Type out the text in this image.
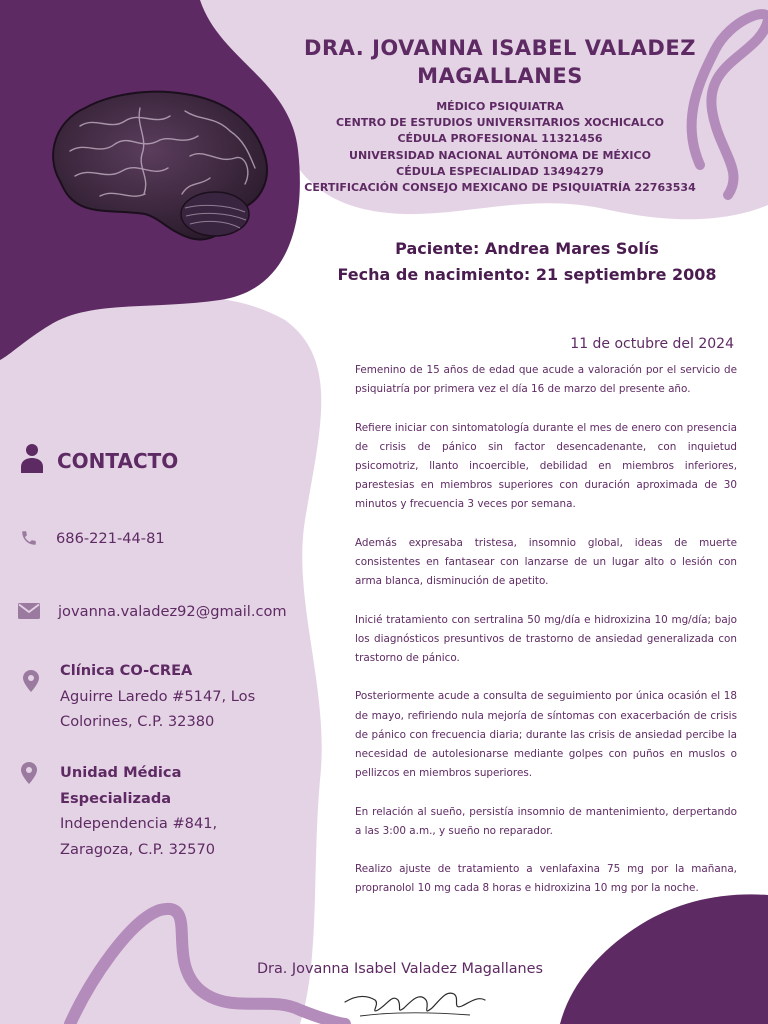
DRA. JOVANNA ISABEL VALADEZ
MAGALLANES
MÉDICO PSIQUIATRA
CENTRO DE ESTUDIOS UNIVERSITARIOS XOCHICALCO
CÉDULA PROFESIONAL 11321456
UNIVERSIDAD NACIONAL AUTÓNOMA DE MÉXICO
CÉDULA ESPECIALIDAD 13494279
CERTIFICACIÓN CONSEJO MEXICANO DE PSIQUIATRÍA 22763534
Paciente: Andrea Mares Solís
Fecha de nacimiento: 21 septiembre 2008
11 de octubre del 2024

Femenino de 15 años de edad que acude a valoración por el servicio de psiquiatría por primera vez el día 16 de marzo del presente año.

Refiere iniciar con sintomatología durante el mes de enero con presencia de crisis de pánico sin factor desencadenante, con inquietud psicomotriz, llanto incoercible, debilidad en miembros inferiores, parestesias en miembros superiores con duración aproximada de 30 minutos y frecuencia 3 veces por semana.

Además expresaba tristesa, insomnio global, ideas de muerte consistentes en fantasear con lanzarse de un lugar alto o lesión con arma blanca, disminución de apetito.

Inicié tratamiento con sertralina 50 mg/día e hidroxizina 10 mg/día; bajo los diagnósticos presuntivos de trastorno de ansiedad generalizada con trastorno de pánico.

Posteriormente acude a consulta de seguimiento por única ocasión el 18 de mayo, refiriendo nula mejoría de síntomas con exacerbación de crisis de pánico con frecuencia diaria; durante las crisis de ansiedad percibe la necesidad de autolesionarse mediante golpes con puños en muslos o pellizcos en miembros superiores.

En relación al sueño, persistía insomnio de mantenimiento, derpertando a las 3:00 a.m., y sueño no reparador.

Realizo ajuste de tratamiento a venlafaxina 75 mg por la mañana, propranolol 10 mg cada 8 horas e hidroxizina 10 mg por la noche.

CONTACTO
686-221-44-81
jovanna.valadez92@gmail.com
Clínica CO-CREA
Aguirre Laredo #5147, Los
Colorines, C.P. 32380
Unidad Médica
Especializada
Independencia #841,
Zaragoza, C.P. 32570
Dra. Jovanna Isabel Valadez Magallanes
